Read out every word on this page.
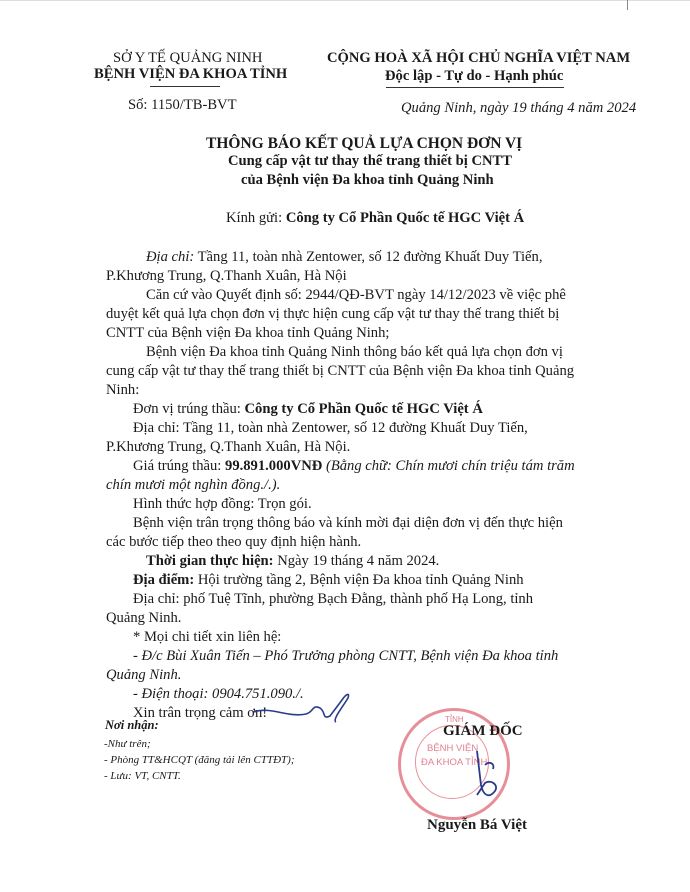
SỞ Y TẾ QUẢNG NINH
BỆNH VIỆN ĐA KHOA TỈNH
Số: 1150/TB-BVT
CỘNG HOÀ XÃ HỘI CHỦ NGHĨA VIỆT NAM
Độc lập - Tự do - Hạnh phúc
Quảng Ninh, ngày 19 tháng 4 năm 2024
THÔNG BÁO KẾT QUẢ LỰA CHỌN ĐƠN VỊ
Cung cấp vật tư thay thế trang thiết bị CNTT
của Bệnh viện Đa khoa tỉnh Quảng Ninh
Kính gửi: Công ty Cổ Phần Quốc tế HGC Việt Á
Địa chỉ: Tầng 11, toàn nhà Zentower, số 12 đường Khuất Duy Tiến,
P.Khương Trung, Q.Thanh Xuân, Hà Nội
Căn cứ vào Quyết định số: 2944/QĐ-BVT ngày 14/12/2023 về việc phê
duyệt kết quả lựa chọn đơn vị thực hiện cung cấp vật tư thay thế trang thiết bị
CNTT của Bệnh viện Đa khoa tỉnh Quảng Ninh;
Bệnh viện Đa khoa tỉnh Quảng Ninh thông báo kết quả lựa chọn đơn vị
cung cấp vật tư thay thế trang thiết bị CNTT của Bệnh viện Đa khoa tỉnh Quảng
Ninh:
Đơn vị trúng thầu: Công ty Cổ Phần Quốc tế HGC Việt Á
Địa chỉ: Tầng 11, toàn nhà Zentower, số 12 đường Khuất Duy Tiến,
P.Khương Trung, Q.Thanh Xuân, Hà Nội.
Giá trúng thầu: 99.891.000VNĐ (Bằng chữ: Chín mươi chín triệu tám trăm
chín mươi một nghìn đồng./.).
Hình thức hợp đồng: Trọn gói.
Bệnh viện trân trọng thông báo và kính mời đại diện đơn vị đến thực hiện
các bước tiếp theo theo quy định hiện hành.
Thời gian thực hiện: Ngày 19 tháng 4 năm 2024.
Địa điểm: Hội trường tầng 2, Bệnh viện Đa khoa tỉnh Quảng Ninh
Địa chỉ: phố Tuệ Tĩnh, phường Bạch Đằng, thành phố Hạ Long, tỉnh
Quảng Ninh.
* Mọi chi tiết xin liên hệ:
- Đ/c Bùi Xuân Tiến – Phó Trưởng phòng CNTT, Bệnh viện Đa khoa tỉnh
Quảng Ninh.
- Điện thoại: 0904.751.090./.
Xin trân trọng cảm ơn!
Nơi nhận:
-Như trên;
- Phòng TT&HCQT (đăng tải lên CTTĐT);
- Lưu: VT, CNTT.
TỈNH
BỆNH VIỆN
ĐA KHOA TỈNH
GIÁM ĐỐC
Nguyễn Bá Việt
